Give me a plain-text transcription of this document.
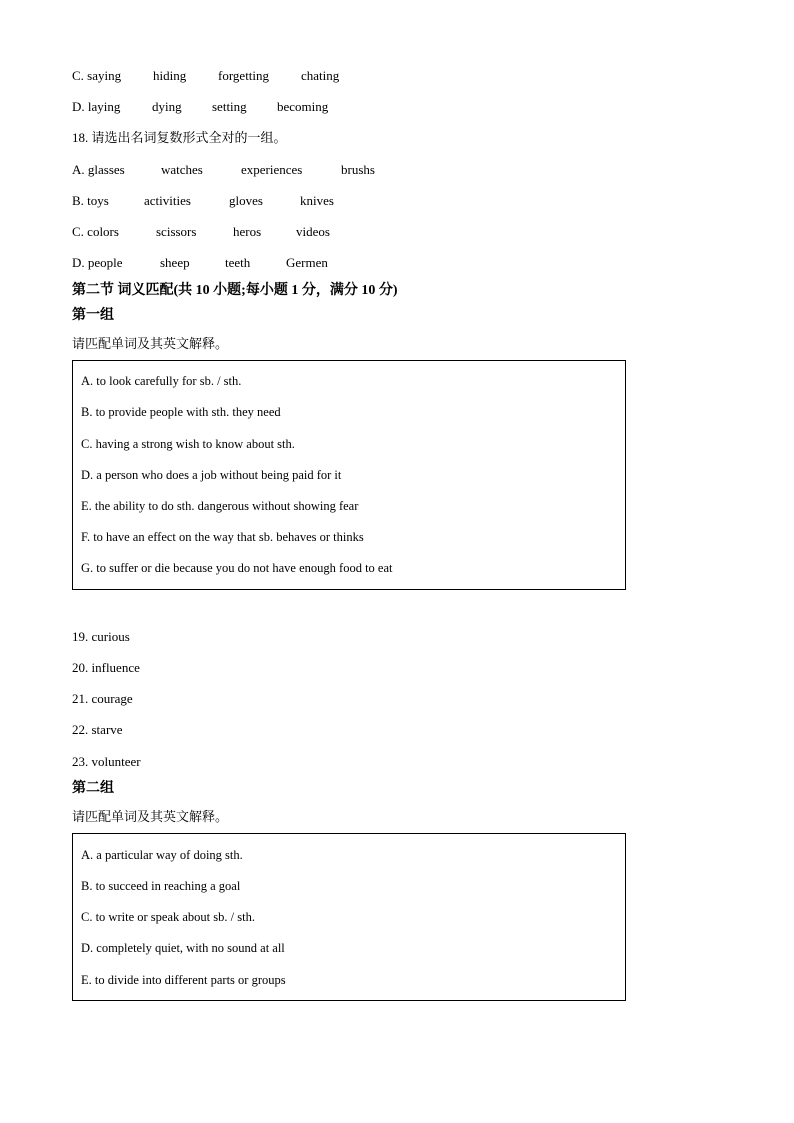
C. saying hiding forgetting chating
D. laying dying setting becoming
18. 请选出名词复数形式全对的一组。
A. glasses	watches	experiences	brushs
B. toys	activities	gloves	knives
C. colors	scissors	heros	videos
D. people	sheep	teeth	Germen
第二节 词义匹配(共 10 小题;每小题 1 分，满分 10 分)
第一组
请匹配单词及其英文解释。
A. to look carefully for sb. / sth.
B. to provide people with sth. they need
C. having a strong wish to know about sth.
D. a person who does a job without being paid for it
E. the ability to do sth. dangerous without showing fear
F. to have an effect on the way that sb. behaves or thinks
G. to suffer or die because you do not have enough food to eat
19. curious
20. influence
21. courage
22. starve
23. volunteer
第二组
请匹配单词及其英文解释。
A. a particular way of doing sth.
B. to succeed in reaching a goal
C. to write or speak about sb. / sth.
D. completely quiet, with no sound at all
E. to divide into different parts or groups
